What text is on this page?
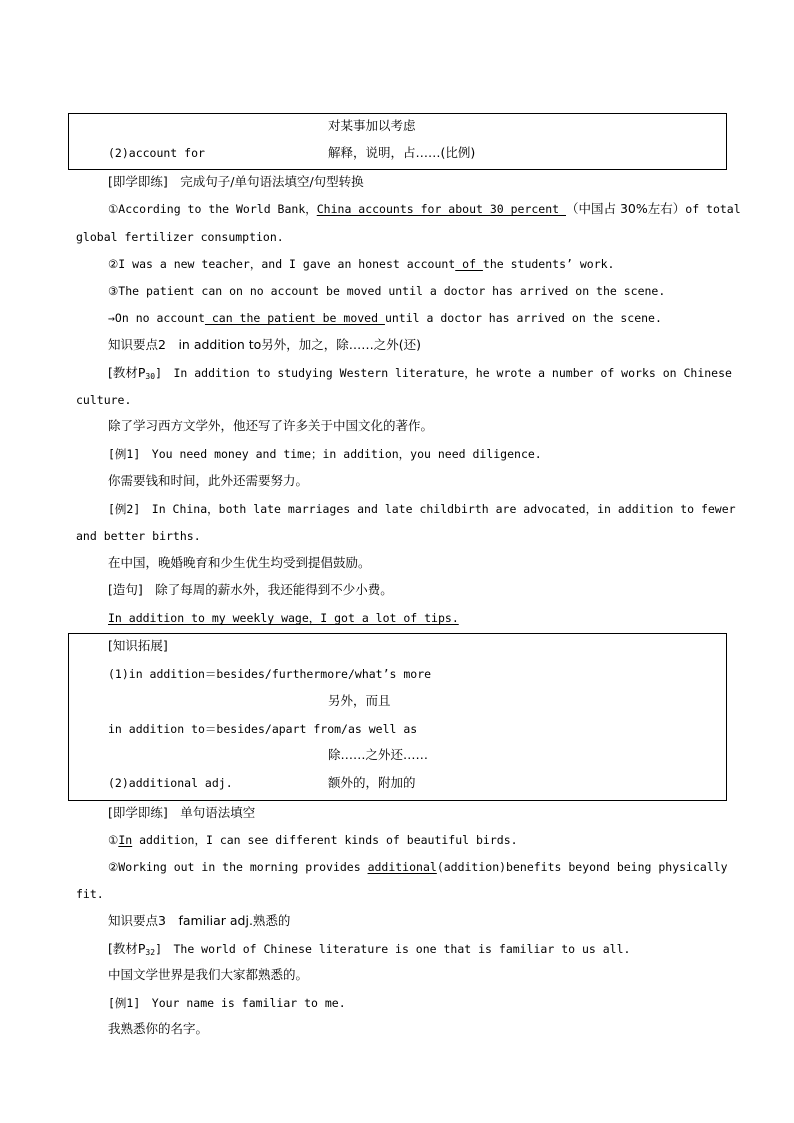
对某事加以考虑
(2)account for	解释，说明，占……(比例)
[即学即练]　完成句子/单句语法填空/句型转换
①According to the World Bank，China accounts for about 30 percent （中国占 30%左右）of total
global fertilizer consumption.
②I was a new teacher，and I gave an honest account of the students’ work.
③The patient can on no account be moved until a doctor has arrived on the scene.
→On no account can the patient be moved until a doctor has arrived on the scene.
知识要点2　in addition to另外，加之，除……之外(还)
[教材$P_{30}$]　In addition to studying Western literature，he wrote a number of works on Chinese
culture.
除了学习西方文学外，他还写了许多关于中国文化的著作。
[例1]　You need money and time；in addition，you need diligence.
你需要钱和时间，此外还需要努力。
[例2]　In China，both late marriages and late childbirth are advocated，in addition to fewer
and better births.
在中国，晚婚晚育和少生优生均受到提倡鼓励。
[造句]　除了每周的薪水外，我还能得到不少小费。
In addition to my weekly wage，I got a lot of tips.
[知识拓展]
(1)in addition＝besides/furthermore/what’s more
另外，而且
in addition to＝besides/apart from/as well as
除……之外还……
(2)additional adj.	额外的，附加的
[即学即练]　单句语法填空
①In addition，I can see different kinds of beautiful birds.
②Working out in the morning provides additional(addition)benefits beyond being physically
fit.
知识要点3　familiar adj.熟悉的
[教材$P_{32}$]　The world of Chinese literature is one that is familiar to us all.
中国文学世界是我们大家都熟悉的。
[例1]　Your name is familiar to me.
我熟悉你的名字。
